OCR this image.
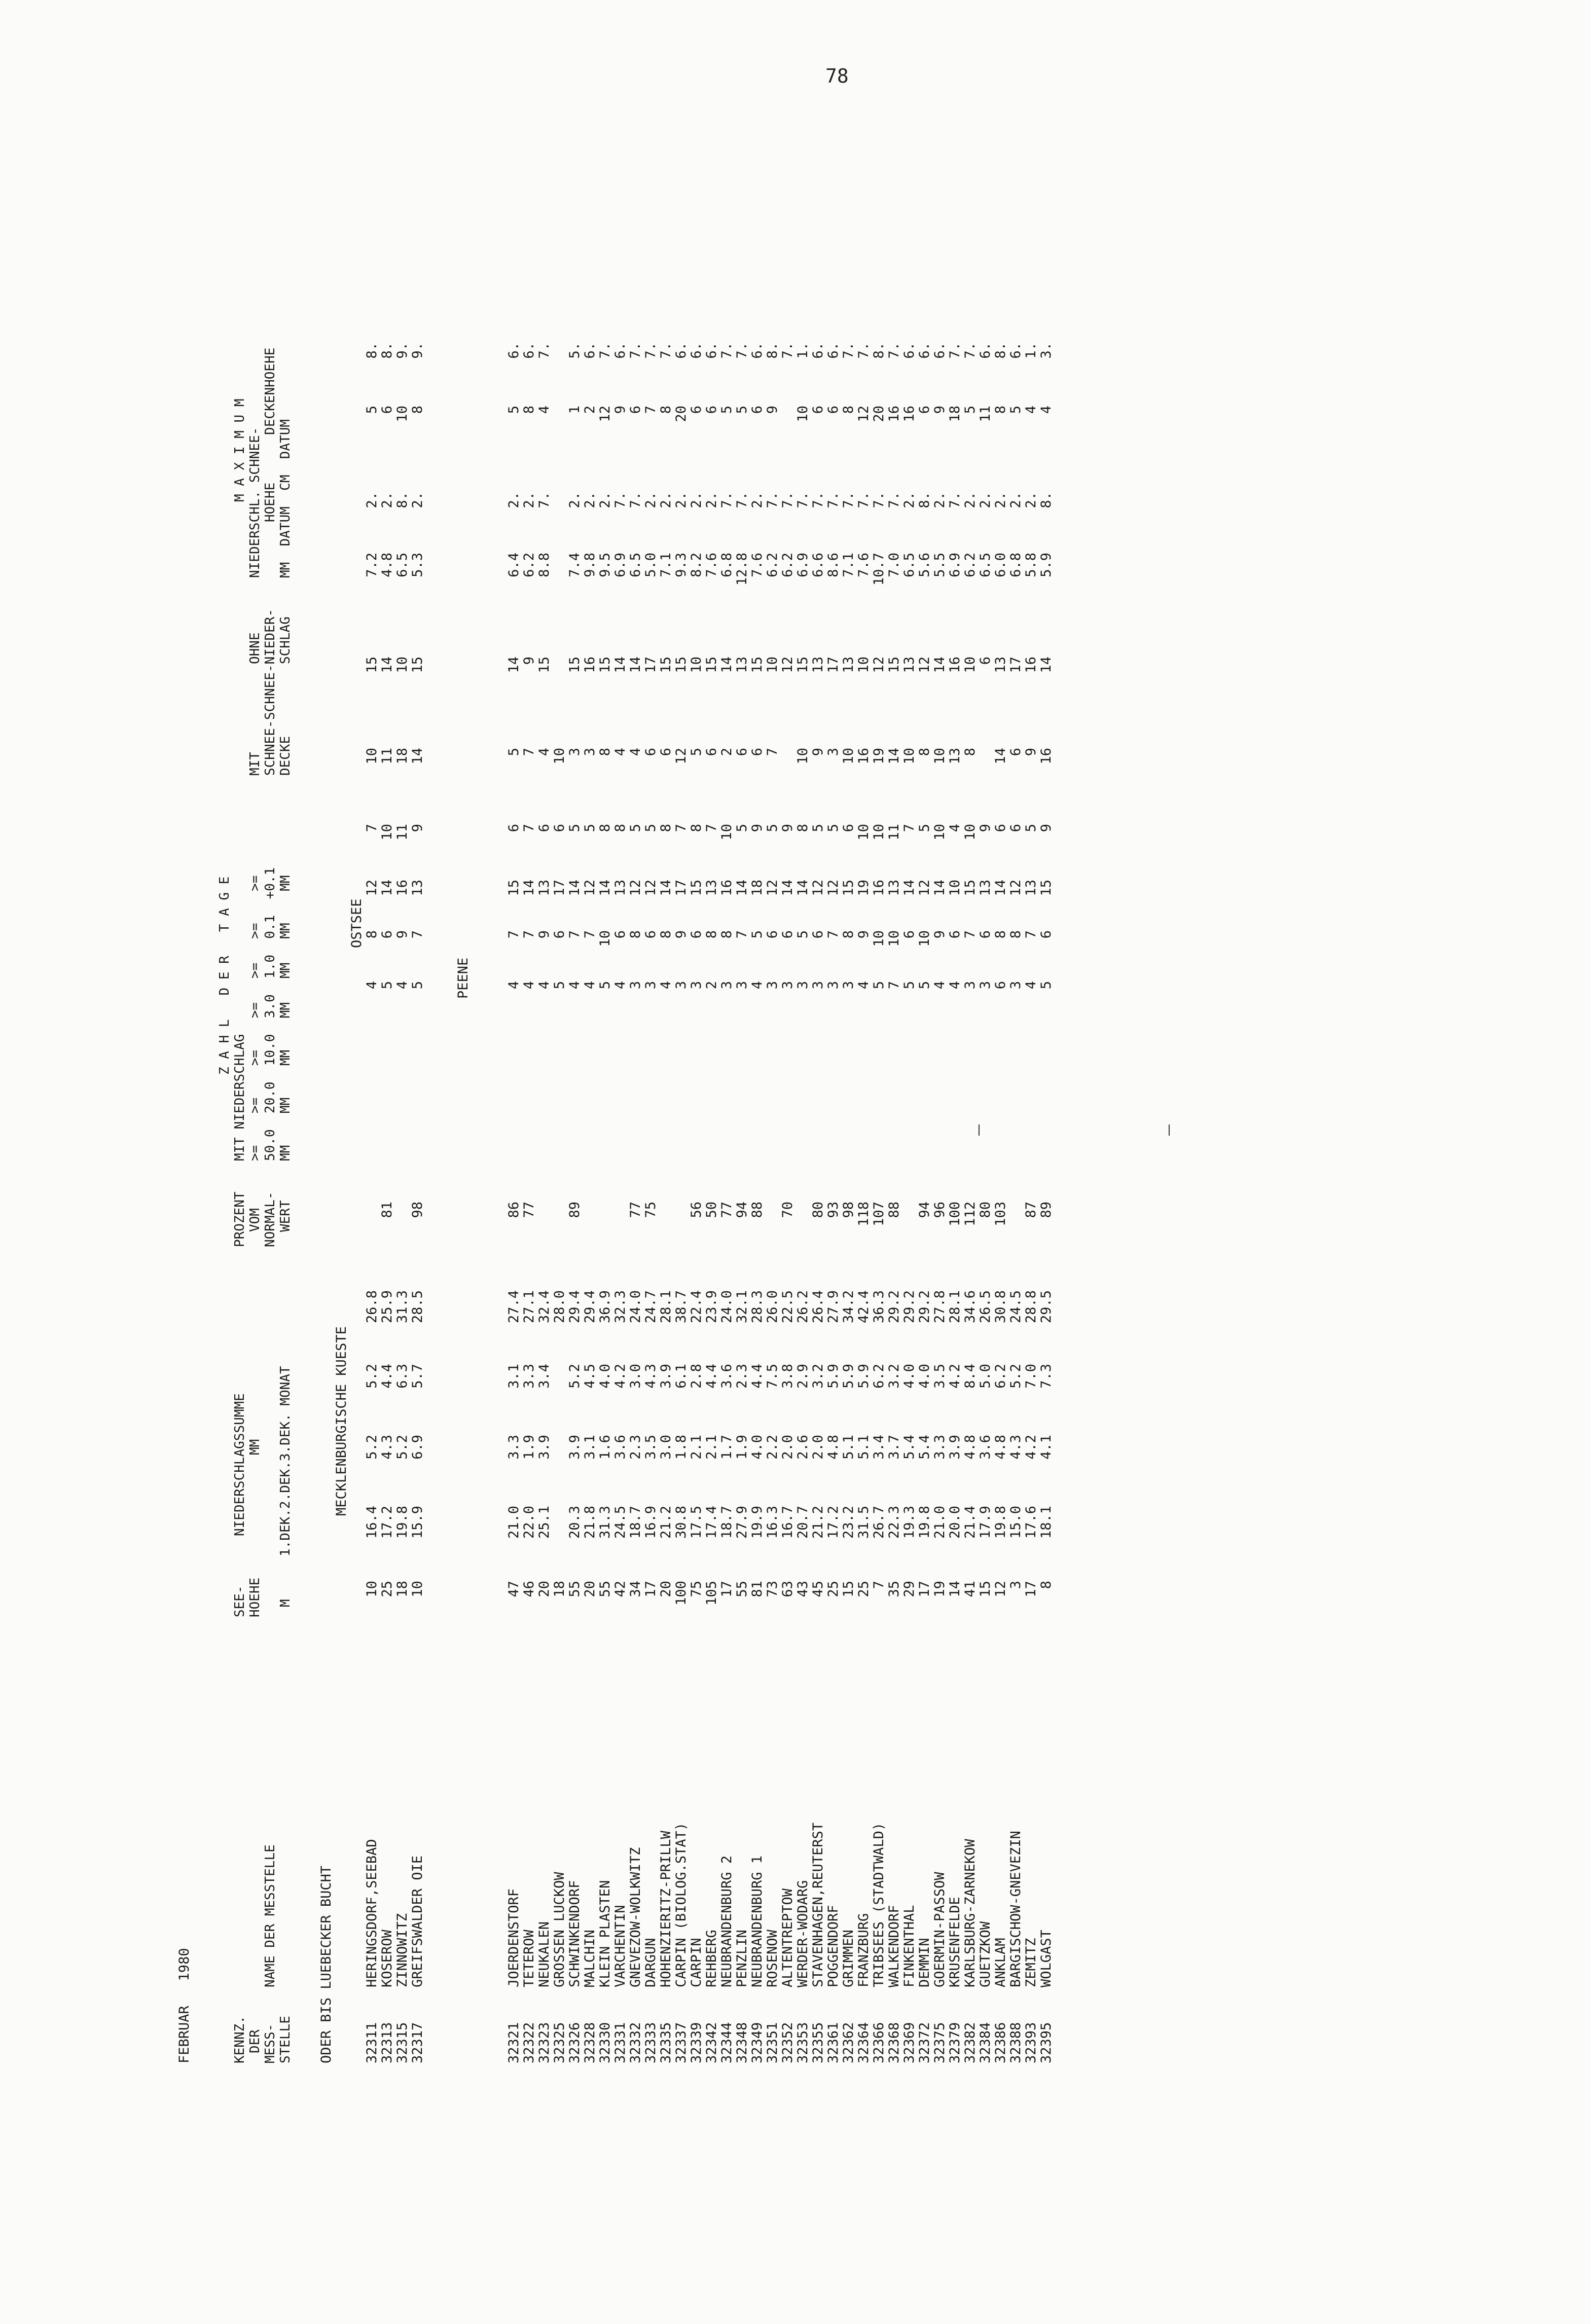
78
FEBRUAR   1980	KENNZ. DER MESS- STELLE
NAME DER MESSTELLE
SEE- HOEHE M
NIEDERSCHLAGSSUMME MM 1.DEK.2.DEK.3.DEK. MONAT
PROZENT VOM NORMAL- WERT
Z A H L   D E R   T A G E
MIT NIEDERSCHLAG >=    >=    >=    >=   >=   >=    >= 50.0  20.0  10.0  3.0  1.0  0.1  +0.1 MM    MM    MM    MM   MM   MM    MM
MIT SCHNEE- DECKE
OHNE SCHNEE-NIEDER- SCHLAG
M A X I M U M NIEDERSCHL. SCHNEE- HOEHE      DECKENHOEHE MM  DATUM  CM  DATUM
ODER BIS LUEBECKER BUCHT
MECKLENBURGISCHE KUESTE
OSTSEE
PEENE
32311
HERINGSDORF,SEEBAD
10
16.4
5.2
5.2
26.8
4
8
12
7
10
15
7.2
2.
5
8.
32313
KOSEROW
25
17.2
4.3
4.4
25.9
81
5
6
14
10
11
14
4.8
2.
6
8.
32315
ZINNOWITZ
18
19.8
5.2
6.3
31.3
4
9
16
11
18
10
6.5
8.
10
9.
32317
GREIFSWALDER OIE
10
15.9
6.9
5.7
28.5
98
5
7
13
9
14
15
5.3
2.
8
9.
32321
JOERDENSTORF
47
21.0
3.3
3.1
27.4
86
4
7
15
6
5
14
6.4
2.
5
6.
32322
TETEROW
46
22.0
1.9
3.3
27.1
77
4
7
14
7
7
9
6.2
2.
8
6.
32323
NEUKALEN
20
25.1
3.9
3.4
32.4
4
9
13
6
4
15
8.8
7.
4
7.
32325
GROSSEN LUCKOW
18
28.0
5
6
17
6
10
32326
SCHWINKENDORF
55
20.3
3.9
5.2
29.4
89
4
7
14
5
3
15
7.4
2.
1
5.
32328
MALCHIN
20
21.8
3.1
4.5
29.4
4
7
12
5
3
16
9.8
2.
2
6.
32330
KLEIN PLASTEN
55
31.3
1.6
4.0
36.9
5
10
14
8
8
15
9.5
2.
12
7.
32331
VARCHENTIN
42
24.5
3.6
4.2
32.3
4
6
13
8
4
14
6.9
7.
9
6.
32332
GNEVEZOW-WOLKWITZ
34
18.7
2.3
3.0
24.0
77
3
8
12
5
4
14
6.5
7.
6
7.
32333
DARGUN
17
16.9
3.5
4.3
24.7
75
3
6
12
5
6
17
5.0
2.
7
7.
32335
HOHENZIERITZ-PRILLW
20
21.2
3.0
3.9
28.1
4
8
14
8
6
15
7.1
2.
8
7.
32337
CARPIN (BIOLOG.STAT)
100
30.8
1.8
6.1
38.7
3
9
17
7
12
15
9.3
2.
20
6.
32339
CARPIN
75
17.5
2.1
2.8
22.4
56
3
6
15
8
5
10
8.2
2.
6
6.
32342
REHBERG
105
17.4
2.1
4.4
23.9
50
2
8
13
7
6
15
7.6
2.
6
6.
32344
NEUBRANDENBURG 2
17
18.7
1.7
3.6
24.0
77
3
8
16
10
2
14
6.8
7.
5
7.
32348
PENZLIN
55
27.9
1.9
2.3
32.1
94
3
7
14
5
6
13
12.8
7.
5
7.
32349
NEUBRANDENBURG 1
81
19.9
4.0
4.4
28.3
88
4
5
18
9
6
15
7.6
2.
6
6.
32351
ROSENOW
73
16.3
2.2
7.5
26.0
3
6
12
5
7
10
6.2
7.
9
8.
32352
ALTENTREPTOW
63
16.7
2.0
3.8
22.5
70
3
6
14
9
12
6.2
7.
7.
32353
WERDER-WODARG
43
20.7
2.6
2.9
26.2
3
5
14
8
10
15
6.9
7.
10
1.
32355
STAVENHAGEN,REUTERST
45
21.2
2.0
3.2
26.4
80
3
6
12
5
9
13
6.6
7.
6
6.
32361
POGGENDORF
25
17.2
4.8
5.9
27.9
93
3
7
12
5
3
17
8.6
7.
6
6.
32362
GRIMMEN
15
23.2
5.1
5.9
34.2
98
3
8
15
6
10
13
7.1
7.
8
7.
32364
FRANZBURG
25
31.5
5.1
5.9
42.4
118
4
9
19
10
16
10
7.6
7.
12
7.
32366
TRIBSEES (STADTWALD)
7
26.7
3.4
6.2
36.3
107
5
10
16
10
19
12
10.7
7.
20
8.
32368
WALKENDORF
35
22.3
3.7
3.2
29.2
88
7
10
13
11
14
15
7.0
7.
16
7.
32369
FINKENTHAL
29
19.3
5.4
4.0
29.2
5
6
14
7
10
13
6.5
2.
16
6.
32372
DEMMIN
17
19.8
5.4
4.0
29.2
94
5
10
12
5
8
12
5.6
8.
6
6.
32375
GOERMIN-PASSOW
19
21.0
3.3
3.5
27.8
96
4
9
14
10
10
14
5.5
2.
9
6.
32379
KRUSENFELDE
14
20.0
3.9
4.2
28.1
100
4
6
10
4
13
16
6.9
7.
18
7.
32382
KARLSBURG-ZARNEKOW
41
21.4
4.8
8.4
34.6
112
3
7
15
10
8
10
6.2
2.
5
7.
32384
GUETZKOW
15
17.9
3.6
5.0
26.5
80
3
6
13
9
6
6.5
2.
11
6.
32386
ANKLAM
12
19.8
4.8
6.2
30.8
103
6
8
14
6
14
13
6.0
2.
8
8.
32388
BARGISCHOW-GNEVEZIN
3
15.0
4.3
5.2
24.5
3
8
12
6
6
17
6.8
2.
5
6.
32393
ZEMITZ
17
17.6
4.2
7.0
28.8
87
4
7
13
5
9
16
5.8
2.
4
1.
32395
WOLGAST
8
18.1
4.1
7.3
29.5
89
5
6
15
9
16
14
5.9
8.
4
3.
